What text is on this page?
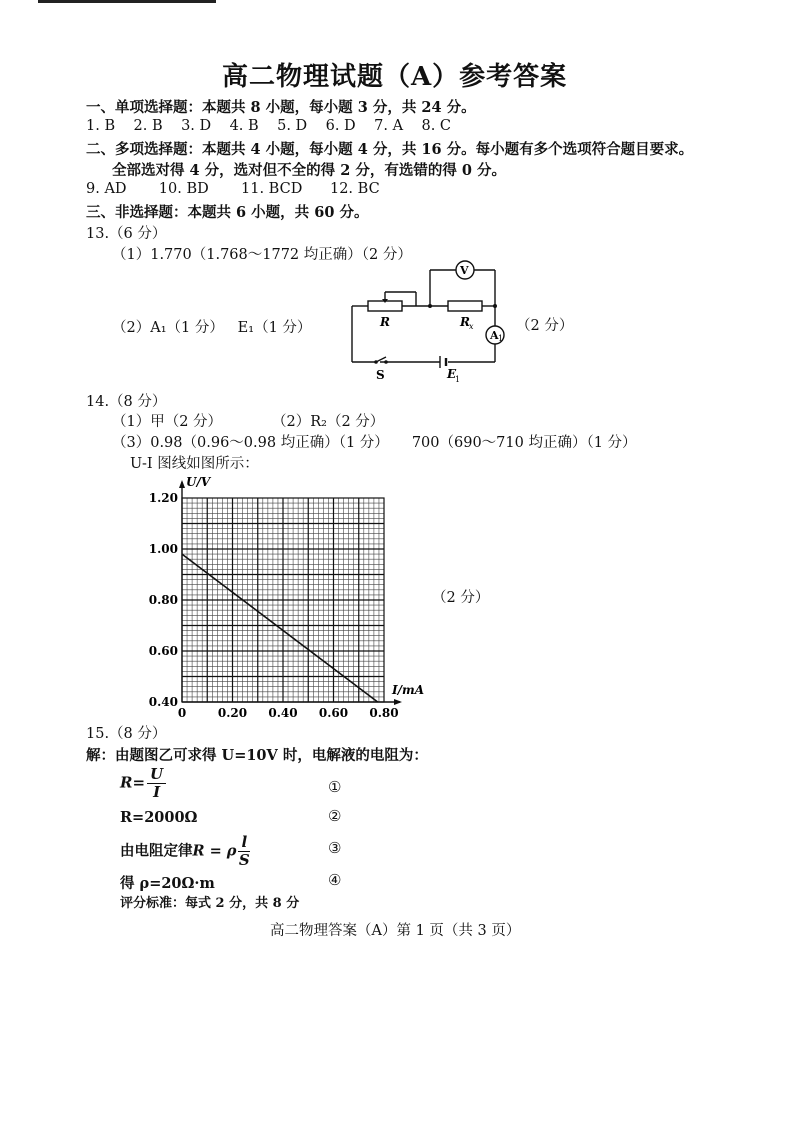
高二物理试题（A）参考答案
一、单项选择题：本题共 8 小题，每小题 3 分，共 24 分。
1. B    2. B    3. D    4. B    5. D    6. D    7. A    8. C
二、多项选择题：本题共 4 小题，每小题 4 分，共 16 分。每小题有多个选项符合题目要求。
全部选对得 4 分，选对但不全的得 2 分，有选错的得 0 分。
9. AD       10. BD       11. BCD      12. BC
三、非选择题：本题共 6 小题，共 60 分。
13.（6 分）
（1）1.770（1.768～1772 均正确）（2 分）
（2）A₁（1 分）   E₁（1 分）	（2 分）
V
A 1
R	R x
S	E
1
14.（8 分）
（1）甲（2 分）	（2）R₂（2 分）
（3）0.98（0.96～0.98 均正确）（1 分）     700（690～710 均正确）（1 分）
U-I 图线如图所示：
（2 分）
0	0.20 0.40 0.60 0.80
0.40
0.60
0.80
1.00
1.20
U/V
I/mA
15.（8 分）
解：由题图乙可求得 U=10V 时，电解液的电阻为：
$R= \frac{U}{I}$	①
R=2000Ω	②
由电阻定律R = ρ $\frac{l}{S}$	③
得 ρ=20Ω·m	④
评分标准：每式 2 分，共 8 分
高二物理答案（A）第 1 页（共 3 页）
